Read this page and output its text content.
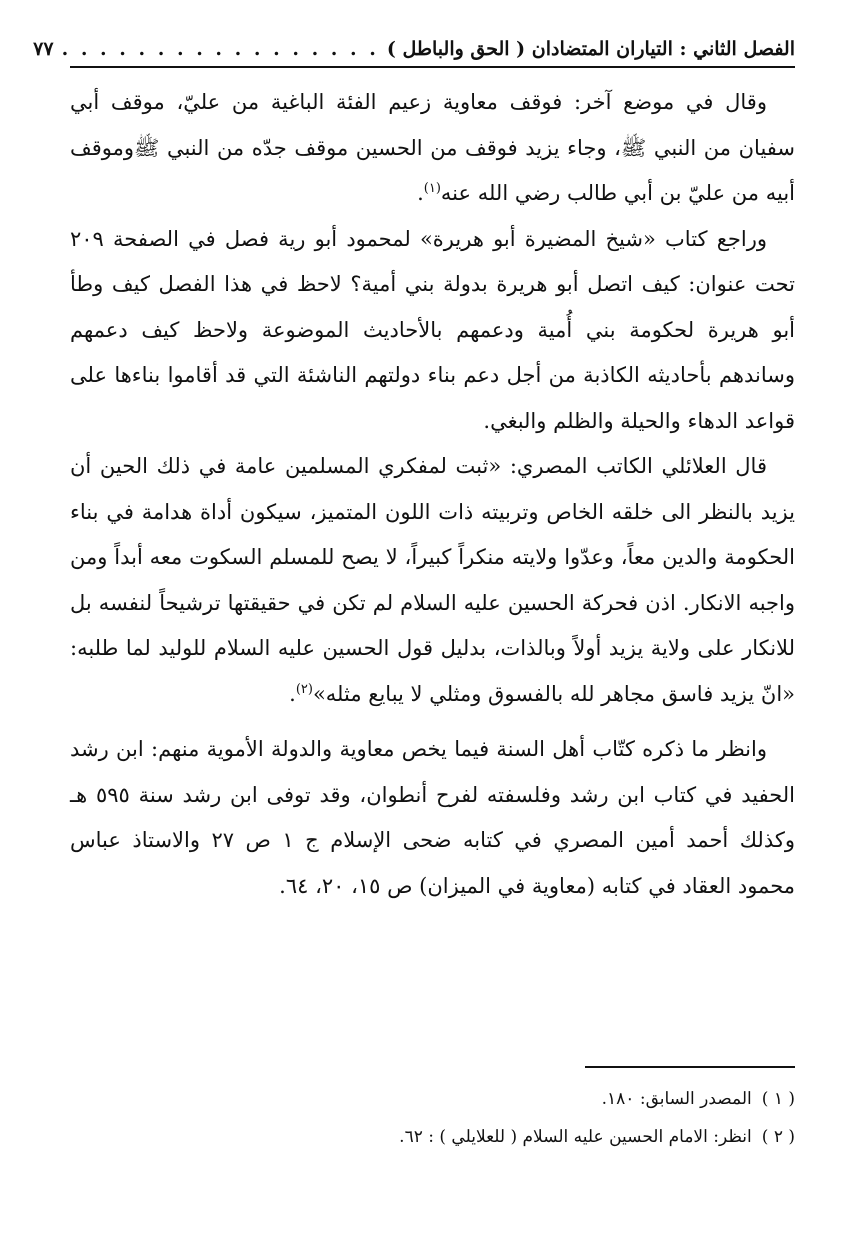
الفصل الثاني : التياران المتضادان ( الحق والباطل )
. . . . . . . . . . . . . . . . .
٧٧

وقال في موضع آخر: فوقف معاوية زعيم الفئة الباغية من عليّ، موقف أبي سفيان من النبي ﷺ، وجاء يزيد فوقف من الحسين موقف جدّه من النبي ﷺوموقف أبيه من عليّ بن أبي طالب رضي الله عنه$^{(١)}$.

وراجع كتاب «شيخ المضيرة أبو هريرة» لمحمود أبو رية فصل في الصفحة ٢٠٩ تحت عنوان: كيف اتصل أبو هريرة بدولة بني أمية؟ لاحظ في هذا الفصل كيف وطأ أبو هريرة لحكومة بني أُمية ودعمهم بالأحاديث الموضوعة ولاحظ كيف دعمهم وساندهم بأحاديثه الكاذبة من أجل دعم بناء دولتهم الناشئة التي قد أقاموا بناءها على قواعد الدهاء والحيلة والظلم والبغي.

قال العلائلي الكاتب المصري: «ثبت لمفكري المسلمين عامة في ذلك الحين أن يزيد بالنظر الى خلقه الخاص وتربيته ذات اللون المتميز، سيكون أداة هدامة في بناء الحكومة والدين معاً، وعدّوا ولايته منكراً كبيراً، لا يصح للمسلم السكوت معه أبداً ومن واجبه الانكار. اذن فحركة الحسين عليه السلام لم تكن في حقيقتها ترشيحاً لنفسه بل للانكار على ولاية يزيد أولاً وبالذات، بدليل قول الحسين عليه السلام للوليد لما طلبه: «انّ يزيد فاسق مجاهر لله بالفسوق ومثلي لا يبايع مثله»$^{(٢)}$.

وانظر ما ذكره كتّاب أهل السنة فيما يخص معاوية والدولة الأموية منهم: ابن رشد الحفيد في كتاب ابن رشد وفلسفته لفرح أنطوان، وقد توفى ابن رشد سنة ٥٩٥ هـ وكذلك أحمد أمين المصري في كتابه ضحى الإسلام ج ١ ص ٢٧ والاستاذ عباس محمود العقاد في كتابه (معاوية في الميزان) ص ١٥، ٢٠، ٦٤.

( ١ )المصدر السابق: ١٨٠.

( ٢ )انظر: الامام الحسين عليه السلام ( للعلايلي ) : ٦٢.
